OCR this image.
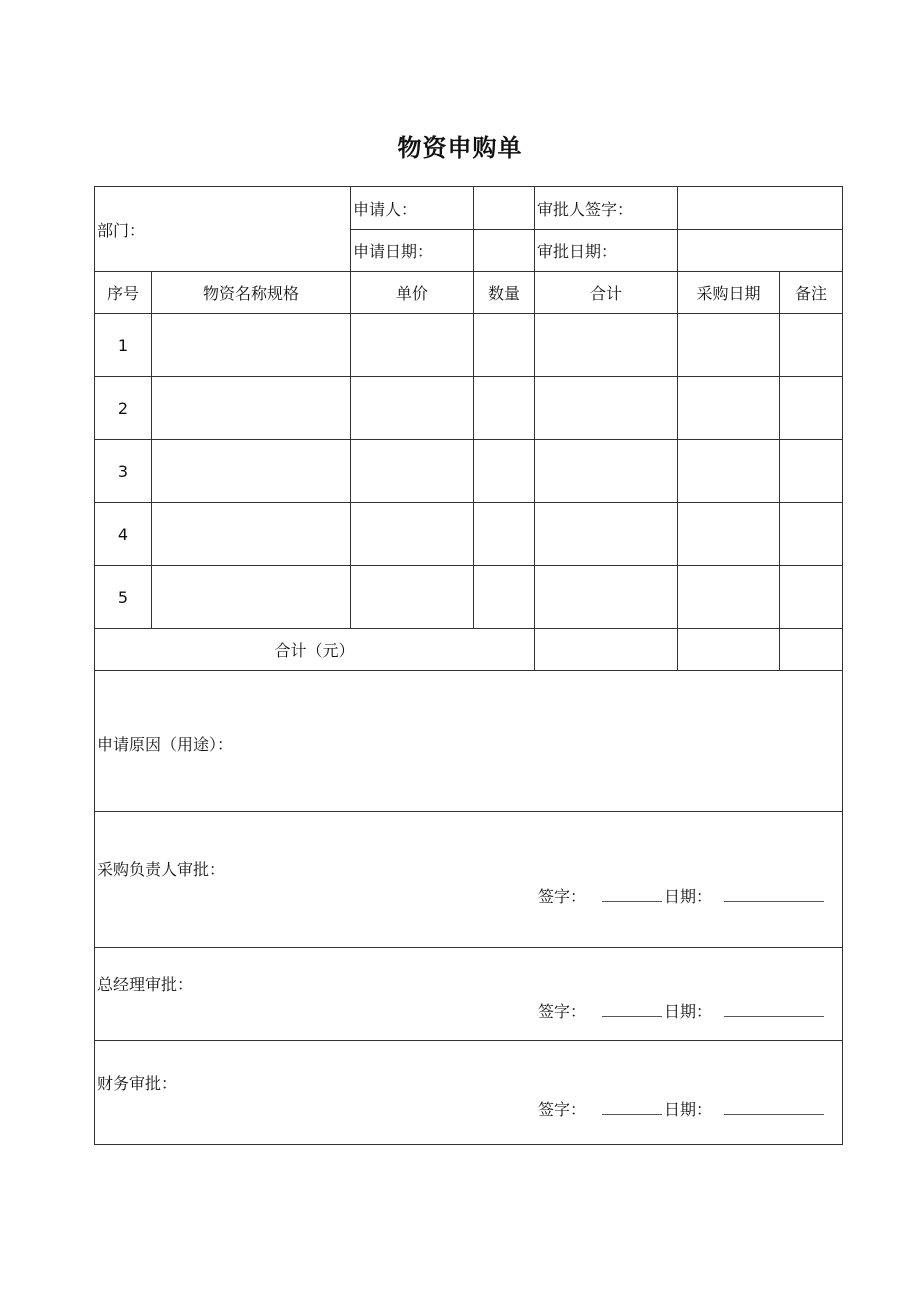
物资申购单
部门：		申请人：		审批人签字：		
		申请日期：		审批日期：		
序号	物资名称规格	单价	数量	合计	采购日期	备注
1						
2						
3						
4						
5						
合计（元）						

申请原因（用途）：						

采购负责人审批：
签字： 日期：						

总经理审批：
签字： 日期：						

财务审批：
签字： 日期：						
